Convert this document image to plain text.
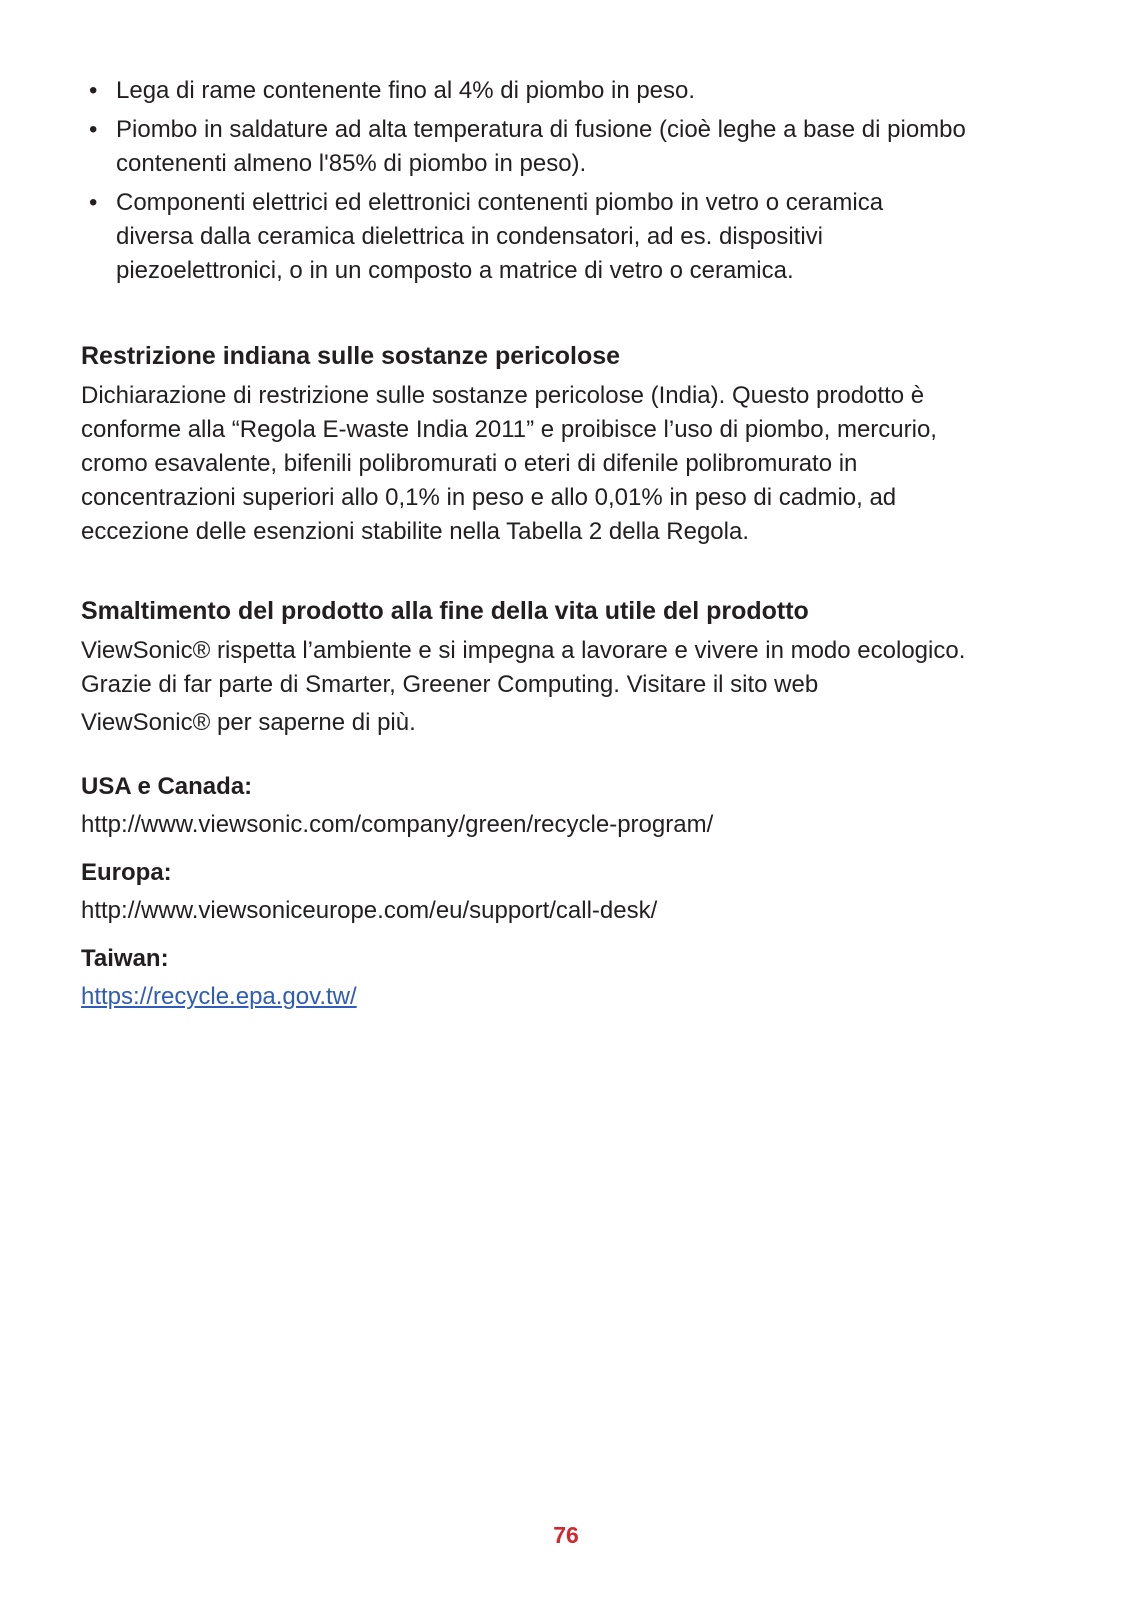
• Lega di rame contenente fino al 4% di piombo in peso.
• Piombo in saldature ad alta temperatura di fusione (cioè leghe a base di piombo
contenenti almeno l'85% di piombo in peso).
• Componenti elettrici ed elettronici contenenti piombo in vetro o ceramica
diversa dalla ceramica dielettrica in condensatori, ad es. dispositivi
piezoelettronici, o in un composto a matrice di vetro o ceramica.
Restrizione indiana sulle sostanze pericolose

Dichiarazione di restrizione sulle sostanze pericolose (India). Questo prodotto è
conforme alla “Regola E-waste India 2011” e proibisce l’uso di piombo, mercurio,
cromo esavalente, bifenili polibromurati o eteri di difenile polibromurato in
concentrazioni superiori allo 0,1% in peso e allo 0,01% in peso di cadmio, ad
eccezione delle esenzioni stabilite nella Tabella 2 della Regola.

Smaltimento del prodotto alla fine della vita utile del prodotto

ViewSonic® rispetta l’ambiente e si impegna a lavorare e vivere in modo ecologico.
Grazie di far parte di Smarter, Greener Computing. Visitare il sito web
ViewSonic® per saperne di più.

USA e Canada:

http://www.viewsonic.com/company/green/recycle-program/

Europa:

http://www.viewsoniceurope.com/eu/support/call-desk/

Taiwan:

https://recycle.epa.gov.tw/

76
